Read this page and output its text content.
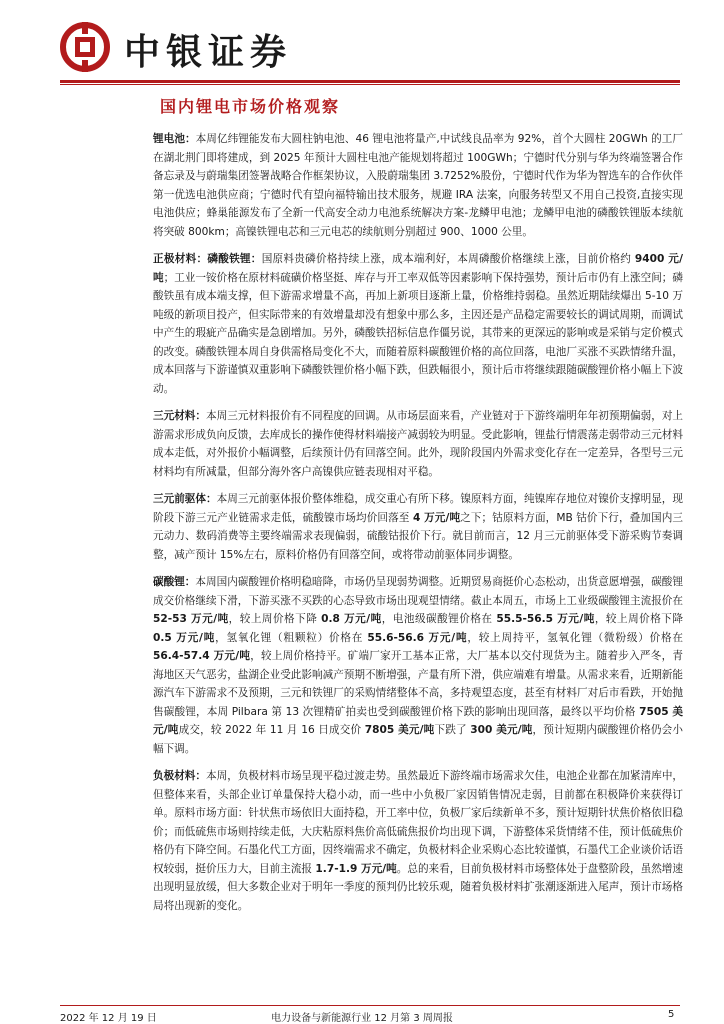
中银证券
国内锂电市场价格观察

锂电池：本周亿纬锂能发布大圆柱钠电池、46 锂电池将量产,中试线良品率为 92%，首个大圆柱 20GWh 的工厂在湖北荆门即将建成，到 2025 年预计大圆柱电池产能规划将超过 100GWh；宁德时代分别与华为终端签署合作备忘录及与蔚瑞集团签署战略合作框架协议，入股蔚瑞集团 3.7252%股份，宁德时代作为华为智选车的合作伙伴第一优选电池供应商；宁德时代有望向福特输出技术服务，规避 IRA 法案，向服务转型又不用自己投资,直接实现电池供应；蜂巢能源发布了全新一代高安全动力电池系统解决方案-龙鳞甲电池；龙鳞甲电池的磷酸铁锂版本续航将突破 800km；高镍铁锂电芯和三元电芯的续航则分别超过 900、1000 公里。

正极材料：磷酸铁锂：国原料贵磷价格持续上涨，成本端利好，本周磷酸价格继续上涨，目前价格约 9400 元/吨；工业一铵价格在原材料硫磺价格坚挺、库存与开工率双低等因素影响下保持强势，预计后市仍有上涨空间；磷酸铁虽有成本端支撑，但下游需求增量不高，再加上新项目逐渐上量，价格维持弱稳。虽然近期陆续爆出 5-10 万吨级的新项目投产，但实际带来的有效增量却没有想象中那么多，主因还是产品稳定需要较长的调试周期，而调试中产生的瑕疵产品确实是急剧增加。另外，磷酸铁招标信息作僵另说，其带来的更深远的影响或是采销与定价模式的改变。磷酸铁锂本周自身供需格局变化不大，而随着原料碳酸锂价格的高位回落，电池厂买涨不买跌情绪升温，成本回落与下游谨慎双重影响下磷酸铁锂价格小幅下跌，但跌幅很小，预计后市将继续跟随碳酸锂价格小幅上下波动。

三元材料：本周三元材料报价有不同程度的回调。从市场层面来看，产业链对于下游终端明年年初预期偏弱，对上游需求形成负向反馈，去库成长的操作使得材料端接产减弱较为明显。受此影响，锂盐行情震荡走弱带动三元材料成本走低，对外报价小幅调整，后续预计仍有回落空间。此外，现阶段国内外需求变化存在一定差异，各型号三元材料均有所减量，但部分海外客户高镍供应链表现相对平稳。

三元前驱体：本周三元前驱体报价整体维稳，成交重心有所下移。镍原料方面，纯镍库存地位对镍价支撑明显，现阶段下游三元产业链需求走低，硫酸镍市场均价回落至 4 万元/吨之下；钴原料方面，MB 钴价下行，叠加国内三元动力、数码消费等主要终端需求表现偏弱，硫酸钴报价下行。就目前而言，12 月三元前驱体受下游采购节奏调整，减产预计 15%左右，原料价格仍有回落空间，或将带动前驱体同步调整。

碳酸锂：本周国内碳酸锂价格明稳暗降，市场仍呈现弱势调整。近期贸易商挺价心态松动，出货意愿增强，碳酸锂成交价格继续下滑，下游买涨不买跌的心态导致市场出现观望情绪。截止本周五，市场上工业级碳酸锂主流报价在 52-53 万元/吨，较上周价格下降 0.8 万元/吨，电池级碳酸锂价格在 55.5-56.5 万元/吨，较上周价格下降 0.5 万元/吨，氢氧化锂（粗颗粒）价格在 55.6-56.6 万元/吨，较上周持平，氢氧化锂（微粉级）价格在 56.4-57.4 万元/吨，较上周价格持平。矿端厂家开工基本正常，大厂基本以交付现货为主。随着步入严冬，青海地区天气恶劣，盐湖企业受此影响减产预期不断增强，产量有所下滑，供应端难有增量。从需求来看，近期新能源汽车下游需求不及预期，三元和铁锂厂的采购情绪整体不高，多持观望态度，甚至有材料厂对后市看跌，开始抛售碳酸锂，本周 Pilbara 第 13 次锂精矿拍卖也受到碳酸锂价格下跌的影响出现回落，最终以平均价格 7505 美元/吨成交，较 2022 年 11 月 16 日成交价 7805 美元/吨下跌了 300 美元/吨，预计短期内碳酸锂价格仍会小幅下调。

负极材料：本周，负极材料市场呈现平稳过渡走势。虽然最近下游终端市场需求欠佳，电池企业都在加紧清库中，但整体来看，头部企业订单量保持大稳小动，而一些中小负极厂家因销售情况走弱，目前都在积极降价来获得订单。原料市场方面：针状焦市场依旧大面持稳，开工率中位，负极厂家后续新单不多，预计短期针状焦价格依旧稳价；而低硫焦市场则持续走低，大庆粘原料焦价高低硫焦报价均出现下调，下游整体采货情绪不佳，预计低硫焦价格仍有下降空间。石墨化代工方面，因终端需求不确定，负极材料企业采购心态比较谨慎，石墨代工企业谈价话语权较弱，挺价压力大，目前主流报 1.7-1.9 万元/吨。总的来看，目前负极材料市场整体处于盘整阶段，虽然增速出现明显放缓，但大多数企业对于明年一季度的预判仍比较乐观，随着负极材料扩张潮逐渐进入尾声，预计市场格局将出现新的变化。

2022 年 12 月 19 日	电力设备与新能源行业 12 月第 3 周周报	5
